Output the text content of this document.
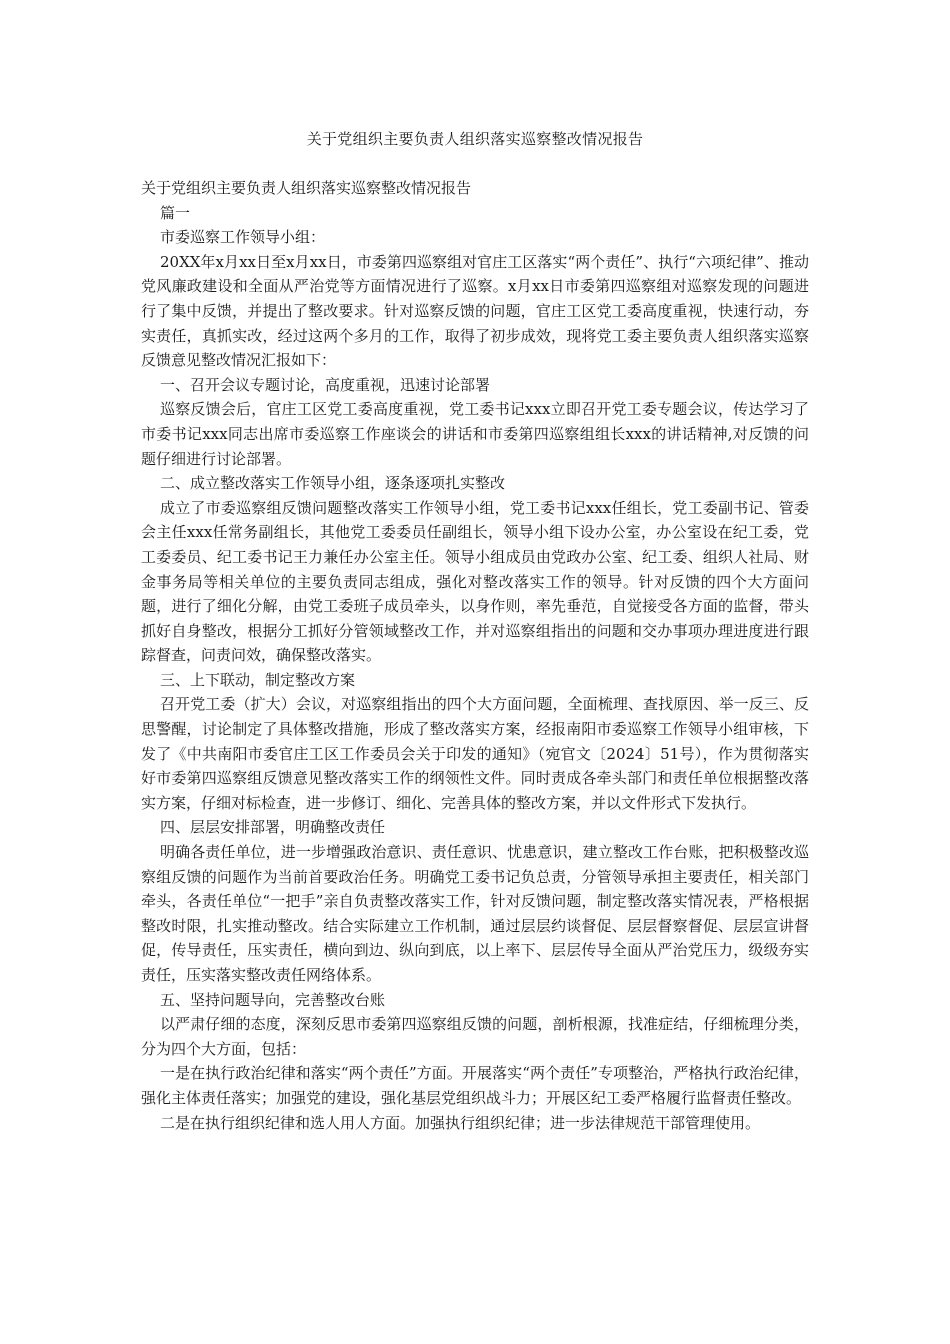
关于党组织主要负责人组织落实巡察整改情况报告

关于党组织主要负责人组织落实巡察整改情况报告

篇一

市委巡察工作领导小组：

20XX年x月xx日至x月xx日，市委第四巡察组对官庄工区落实“两个责任”、执行“六项纪律”、推动党风廉政建设和全面从严治党等方面情况进行了巡察。x月xx日市委第四巡察组对巡察发现的问题进行了集中反馈，并提出了整改要求。针对巡察反馈的问题，官庄工区党工委高度重视，快速行动，夯实责任，真抓实改，经过这两个多月的工作，取得了初步成效，现将党工委主要负责人组织落实巡察反馈意见整改情况汇报如下：

一、召开会议专题讨论，高度重视，迅速讨论部署

巡察反馈会后，官庄工区党工委高度重视，党工委书记xxx立即召开党工委专题会议，传达学习了市委书记xxx同志出席市委巡察工作座谈会的讲话和市委第四巡察组组长xxx的讲话精神,对反馈的问题仔细进行讨论部署。

二、成立整改落实工作领导小组，逐条逐项扎实整改

成立了市委巡察组反馈问题整改落实工作领导小组，党工委书记xxx任组长，党工委副书记、管委会主任xxx任常务副组长，其他党工委委员任副组长，领导小组下设办公室，办公室设在纪工委，党工委委员、纪工委书记王力兼任办公室主任。领导小组成员由党政办公室、纪工委、组织人社局、财金事务局等相关单位的主要负责同志组成，强化对整改落实工作的领导。针对反馈的四个大方面问题，进行了细化分解，由党工委班子成员牵头，以身作则，率先垂范，自觉接受各方面的监督，带头抓好自身整改，根据分工抓好分管领域整改工作，并对巡察组指出的问题和交办事项办理进度进行跟踪督查，问责问效，确保整改落实。

三、上下联动，制定整改方案

召开党工委（扩大）会议，对巡察组指出的四个大方面问题，全面梳理、查找原因、举一反三、反思警醒，讨论制定了具体整改措施，形成了整改落实方案，经报南阳市委巡察工作领导小组审核，下发了《中共南阳市委官庄工区工作委员会关于印发的通知》（宛官文〔2024〕51号），作为贯彻落实好市委第四巡察组反馈意见整改落实工作的纲领性文件。同时责成各牵头部门和责任单位根据整改落实方案，仔细对标检查，进一步修订、细化、完善具体的整改方案，并以文件形式下发执行。

四、层层安排部署，明确整改责任

明确各责任单位，进一步增强政治意识、责任意识、忧患意识，建立整改工作台账，把积极整改巡察组反馈的问题作为当前首要政治任务。明确党工委书记负总责，分管领导承担主要责任，相关部门牵头，各责任单位“一把手”亲自负责整改落实工作，针对反馈问题，制定整改落实情况表，严格根据整改时限，扎实推动整改。结合实际建立工作机制，通过层层约谈督促、层层督察督促、层层宣讲督促，传导责任，压实责任，横向到边、纵向到底，以上率下、层层传导全面从严治党压力，级级夯实责任，压实落实整改责任网络体系。

五、坚持问题导向，完善整改台账

以严肃仔细的态度，深刻反思市委第四巡察组反馈的问题，剖析根源，找准症结，仔细梳理分类，分为四个大方面，包括：

一是在执行政治纪律和落实“两个责任”方面。开展落实“两个责任”专项整治，严格执行政治纪律，强化主体责任落实；加强党的建设，强化基层党组织战斗力；开展区纪工委严格履行监督责任整改。

二是在执行组织纪律和选人用人方面。加强执行组织纪律；进一步法律规范干部管理使用。
